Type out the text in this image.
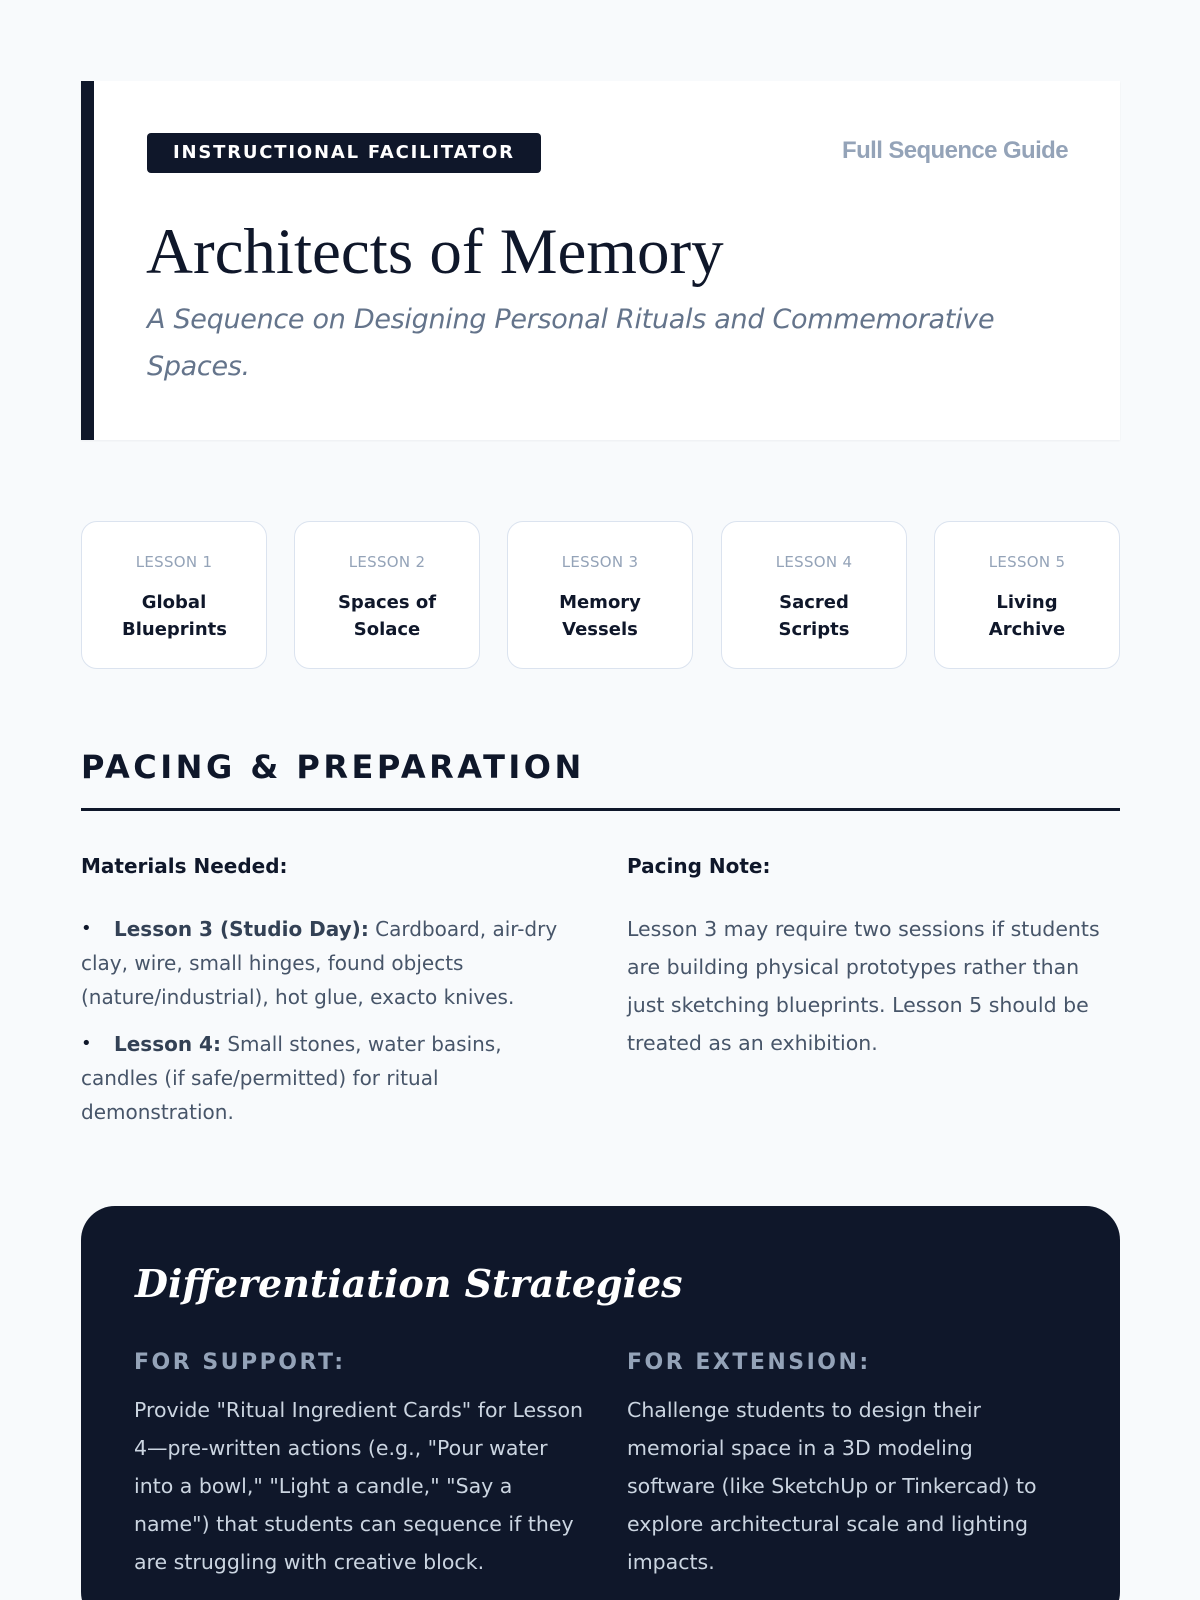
INSTRUCTIONAL FACILITATOR	Full Sequence Guide
Architects of Memory

A Sequence on Designing Personal Rituals and Commemorative Spaces.

LESSON 1
Global Blueprints
LESSON 2
Spaces of Solace
LESSON 3
Memory Vessels
LESSON 4
Sacred Scripts
LESSON 5
Living Archive
PACING & PREPARATION
Materials Needed:
• Lesson 3 (Studio Day): Cardboard, air-dry clay, wire, small hinges, found objects (nature/industrial), hot glue, exacto knives.
• Lesson 4: Small stones, water basins, candles (if safe/permitted) for ritual demonstration.
Pacing Note:

Lesson 3 may require two sessions if students are building physical prototypes rather than just sketching blueprints. Lesson 5 should be treated as an exhibition.

Differentiation Strategies
FOR SUPPORT:

Provide "Ritual Ingredient Cards" for Lesson 4—pre-written actions (e.g., "Pour water into a bowl," "Light a candle," "Say a name") that students can sequence if they are struggling with creative block.

FOR EXTENSION:

Challenge students to design their memorial space in a 3D modeling software (like SketchUp or Tinkercad) to explore architectural scale and lighting impacts.
